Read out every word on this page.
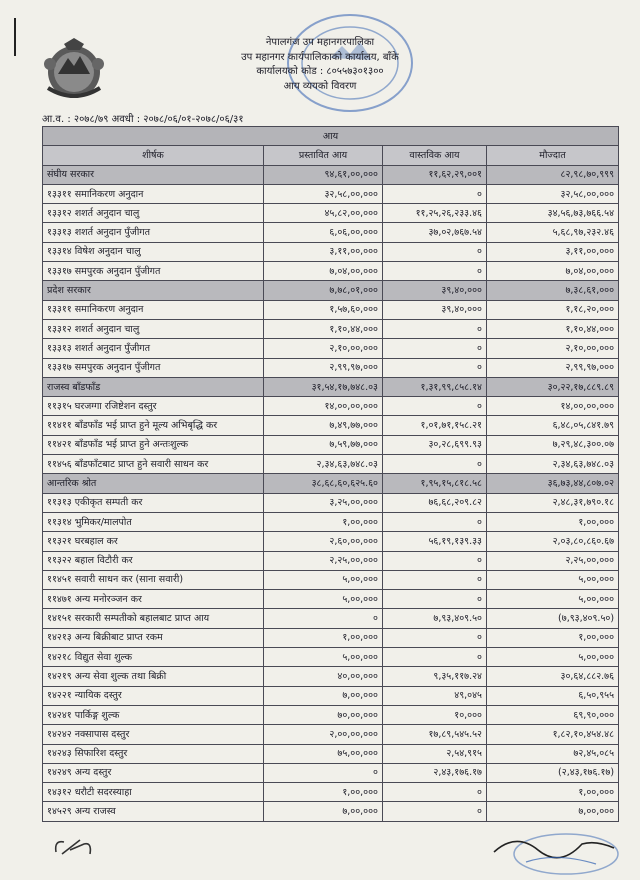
नेपालगंज उप महानगरपालिका
उप महानगर कार्यपालिकाको कार्यालय, बाँके
कार्यालयको कोड : ८०५५७३०१३००
आय व्ययको विवरण
आ.व. : २०७८/७९ अवधी : २०७८/०६/०१-२०७८/०६/३१
आय			
शीर्षक	प्रस्तावित आय	वास्तविक आय	मौज्दात
संघीय सरकार	९४,६१,००,०००	११,६२,२९,००१	८२,९८,७०,९९९
१३३११ समानिकरण अनुदान	३२,५८,००,०००	०	३२,५८,००,०००
१३३१२ शशर्त अनुदान चालु	४५,८२,००,०००	११,२५,२६,२३३.४६	३४,५६,७३,७६६.५४
१३३१३ शशर्त अनुदान पुँजीगत	६,०६,००,०००	३७,०२,७६७.५४	५,६८,९७,२३२.४६
१३३१४ विषेश अनुदान चालु	३,११,००,०००	०	३,११,००,०००
१३३१७ समपुरक अनुदान पुँजीगत	७,०४,००,०००	०	७,०४,००,०००
प्रदेश सरकार	७,७८,०१,०००	३९,४०,०००	७,३८,६१,०००
१३३११ समानिकरण अनुदान	१,५७,६०,०००	३९,४०,०००	१,१८,२०,०००
१३३१२ शशर्त अनुदान चालु	१,१०,४४,०००	०	१,१०,४४,०००
१३३१३ शशर्त अनुदान पुँजीगत	२,१०,००,०००	०	२,१०,००,०००
१३३१७ समपुरक अनुदान पुँजीगत	२,९९,९७,०००	०	२,९९,९७,०००
राजस्व बाँडफाँड	३१,५४,१७,७४८.०३	१,३१,९९,८५८.१४	३०,२२,१७,८८९.८९
११३१५ घरजग्गा रजिष्टेशन दस्तुर	१४,००,००,०००	०	१४,००,००,०००
११४११ बाँडफाँड भई प्राप्त हुने मूल्य अभिबृद्धि कर	७,४९,७७,०००	१,०१,७१,१५८.२१	६,४८,०५,८४१.७९
११४२१ बाँडफाँड भई प्राप्त हुने अन्तःशुल्क	७,५९,७७,०००	३०,२८,६९९.९३	७,२९,४८,३००.०७
११४५६ बाँडफाँटबाट प्राप्त हुने सवारी साधन कर	२,३४,६३,७४८.०३	०	२,३४,६३,७४८.०३
आन्तरिक श्रोत	३८,६८,६०,६२५.६०	१,९५,१५,८१८.५८	३६,७३,४४,८०७.०२
११३१३ एकीकृत सम्पती कर	३,२५,००,०००	७६,६८,२०९.८२	२,४८,३१,७९०.१८
११३१४ भुमिकर/मालपोत	१,००,०००	०	१,००,०००
११३२१ घरबहाल कर	२,६०,००,०००	५६,१९,१३९.३३	२,०३,८०,८६०.६७
११३२२ बहाल विटौरी कर	२,२५,००,०००	०	२,२५,००,०००
११४५१ सवारी साधन कर (साना सवारी)	५,००,०००	०	५,००,०००
११४७१ अन्य मनोरञ्जन कर	५,००,०००	०	५,००,०००
१४१५१ सरकारी सम्पतीको बहालबाट प्राप्त आय	०	७,९३,४०९.५०	(७,९३,४०९.५०)
१४२१३ अन्य बिक्रीबाट प्राप्त रकम	१,००,०००	०	१,००,०००
१४२१८ विद्युत सेवा शुल्क	५,००,०००	०	५,००,०००
१४२१९ अन्य सेवा शुल्क तथा बिक्री	४०,००,०००	९,३५,११७.२४	३०,६४,८८२.७६
१४२२१ न्यायिक दस्तुर	७,००,०००	४९,०४५	६,५०,९५५
१४२४१ पार्किङ्ग शुल्क	७०,००,०००	१०,०००	६९,९०,०००
१४२४२ नक्सापास दस्तुर	२,००,००,०००	१७,८९,५४५.५२	१,८२,१०,४५४.४८
१४२४३ सिफारिश दस्तुर	७५,००,०००	२,५४,९१५	७२,४५,०८५
१४२४९ अन्य दस्तुर	०	२,४३,१७६.१७	(२,४३,१७६.१७)
१४३१२ धरौटी सदरस्याहा	१,००,०००	०	१,००,०००
१४५२९ अन्य राजस्व	७,००,०००	०	७,००,०००
